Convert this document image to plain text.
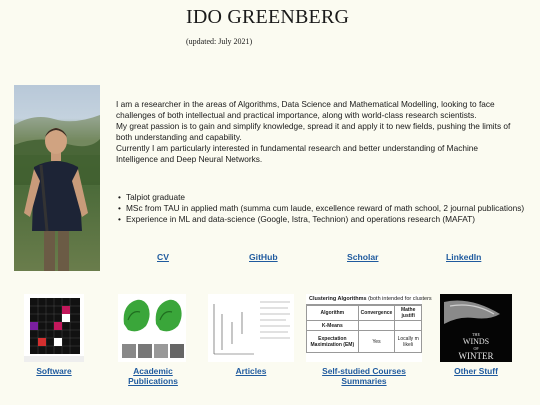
IDO GREENBERG
(updated: July 2021)

I am a researcher in the areas of Algorithms, Data Science and Mathematical Modelling, looking to face challenges of both intellectual and practical importance, along with world-class research scientists.

My great passion is to gain and simplify knowledge, spread it and apply it to new fields, pushing the limits of both understanding and capability.

Currently I am particularly interested in fundamental research and better understanding of Machine Intelligence and Deep Neural Networks.

• Talpiot graduate
• MSc from TAU in applied math (summa cum laude, excellence reward of math school, 2 journal publications)
• Experience in ML and data-science (Google, Istra, Technion) and operations research (MAFAT)
CV	GitHub	Scholar	LinkedIn
Software	Academic Publications
Articles
Clustering Algorithms (both intended for clusters
Algorithm	Convergence	Mathe justifi
K-Means		
Expectation Maximization (EM)	Yes	Locally m likeli
Self-studied Courses Summaries
THE
WINDS
OF
WINTER
Other Stuff
